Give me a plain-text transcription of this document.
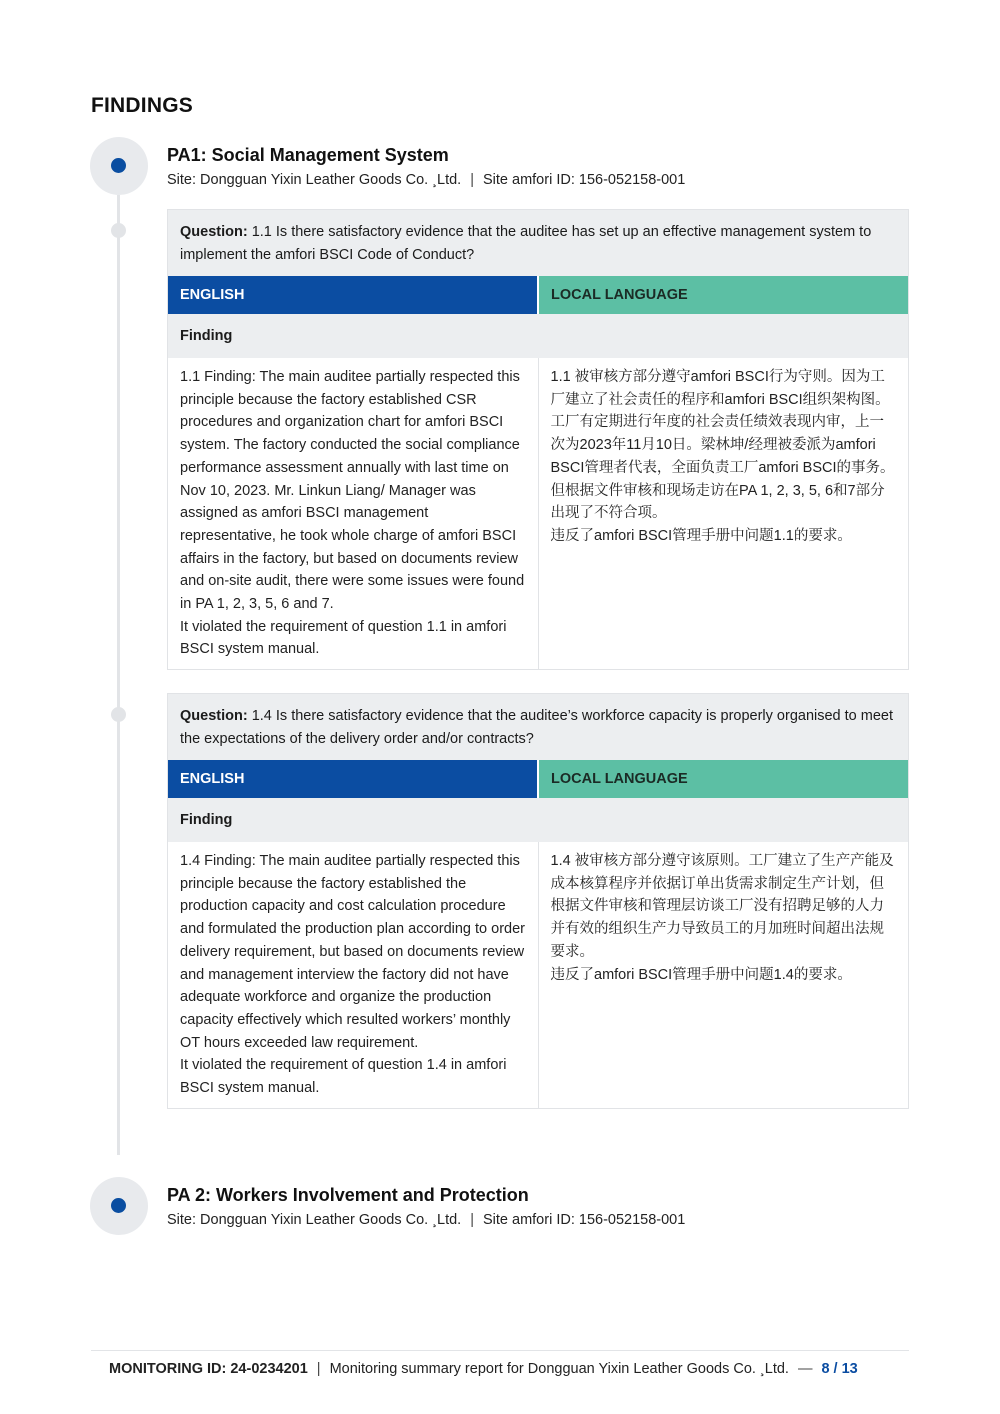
FINDINGS
PA1: Social Management System
Site: Dongguan Yixin Leather Goods Co. ¸Ltd. | Site amfori ID: 156-052158-001
Question: 1.1 Is there satisfactory evidence that the auditee has set up an effective management system to implement the amfori BSCI Code of Conduct?
ENGLISH	LOCAL LANGUAGE
Finding
1.1 Finding: The main auditee partially respected this principle because the factory established CSR procedures and organization chart for amfori BSCI system. The factory conducted the social compliance performance assessment annually with last time on Nov 10, 2023. Mr. Linkun Liang/ Manager was assigned as amfori BSCI management representative, he took whole charge of amfori BSCI affairs in the factory, but based on documents review and on-site audit, there were some issues were found in PA 1, 2, 3, 5, 6 and 7.
It violated the requirement of question 1.1 in amfori BSCI system manual.
1.1 被审核方部分遵守amfori BSCI行为守则。因为工厂建立了社会责任的程序和amfori BSCI组织架构图。工厂有定期进行年度的社会责任绩效表现内审，上一次为2023年11月10日。梁林坤/经理被委派为amfori BSCI管理者代表，全面负责工厂amfori BSCI的事务。但根据文件审核和现场走访在PA 1, 2, 3, 5, 6和7部分出现了不符合项。
违反了amfori BSCI管理手册中问题1.1的要求。
Question: 1.4 Is there satisfactory evidence that the auditee’s workforce capacity is properly organised to meet the expectations of the delivery order and/or contracts?
ENGLISH	LOCAL LANGUAGE
Finding
1.4 Finding: The main auditee partially respected this principle because the factory established the production capacity and cost calculation procedure and formulated the production plan according to order delivery requirement, but based on documents review and management interview the factory did not have adequate workforce and organize the production capacity effectively which resulted workers’ monthly OT hours exceeded law requirement.
It violated the requirement of question 1.4 in amfori BSCI system manual.
1.4 被审核方部分遵守该原则。工厂建立了生产产能及成本核算程序并依据订单出货需求制定生产计划，但根据文件审核和管理层访谈工厂没有招聘足够的人力并有效的组织生产力导致员工的月加班时间超出法规要求。
违反了amfori BSCI管理手册中问题1.4的要求。
PA 2: Workers Involvement and Protection
Site: Dongguan Yixin Leather Goods Co. ¸Ltd. | Site amfori ID: 156-052158-001
MONITORING ID: 24-0234201 | Monitoring summary report for Dongguan Yixin Leather Goods Co. ¸Ltd. — 8 / 13
